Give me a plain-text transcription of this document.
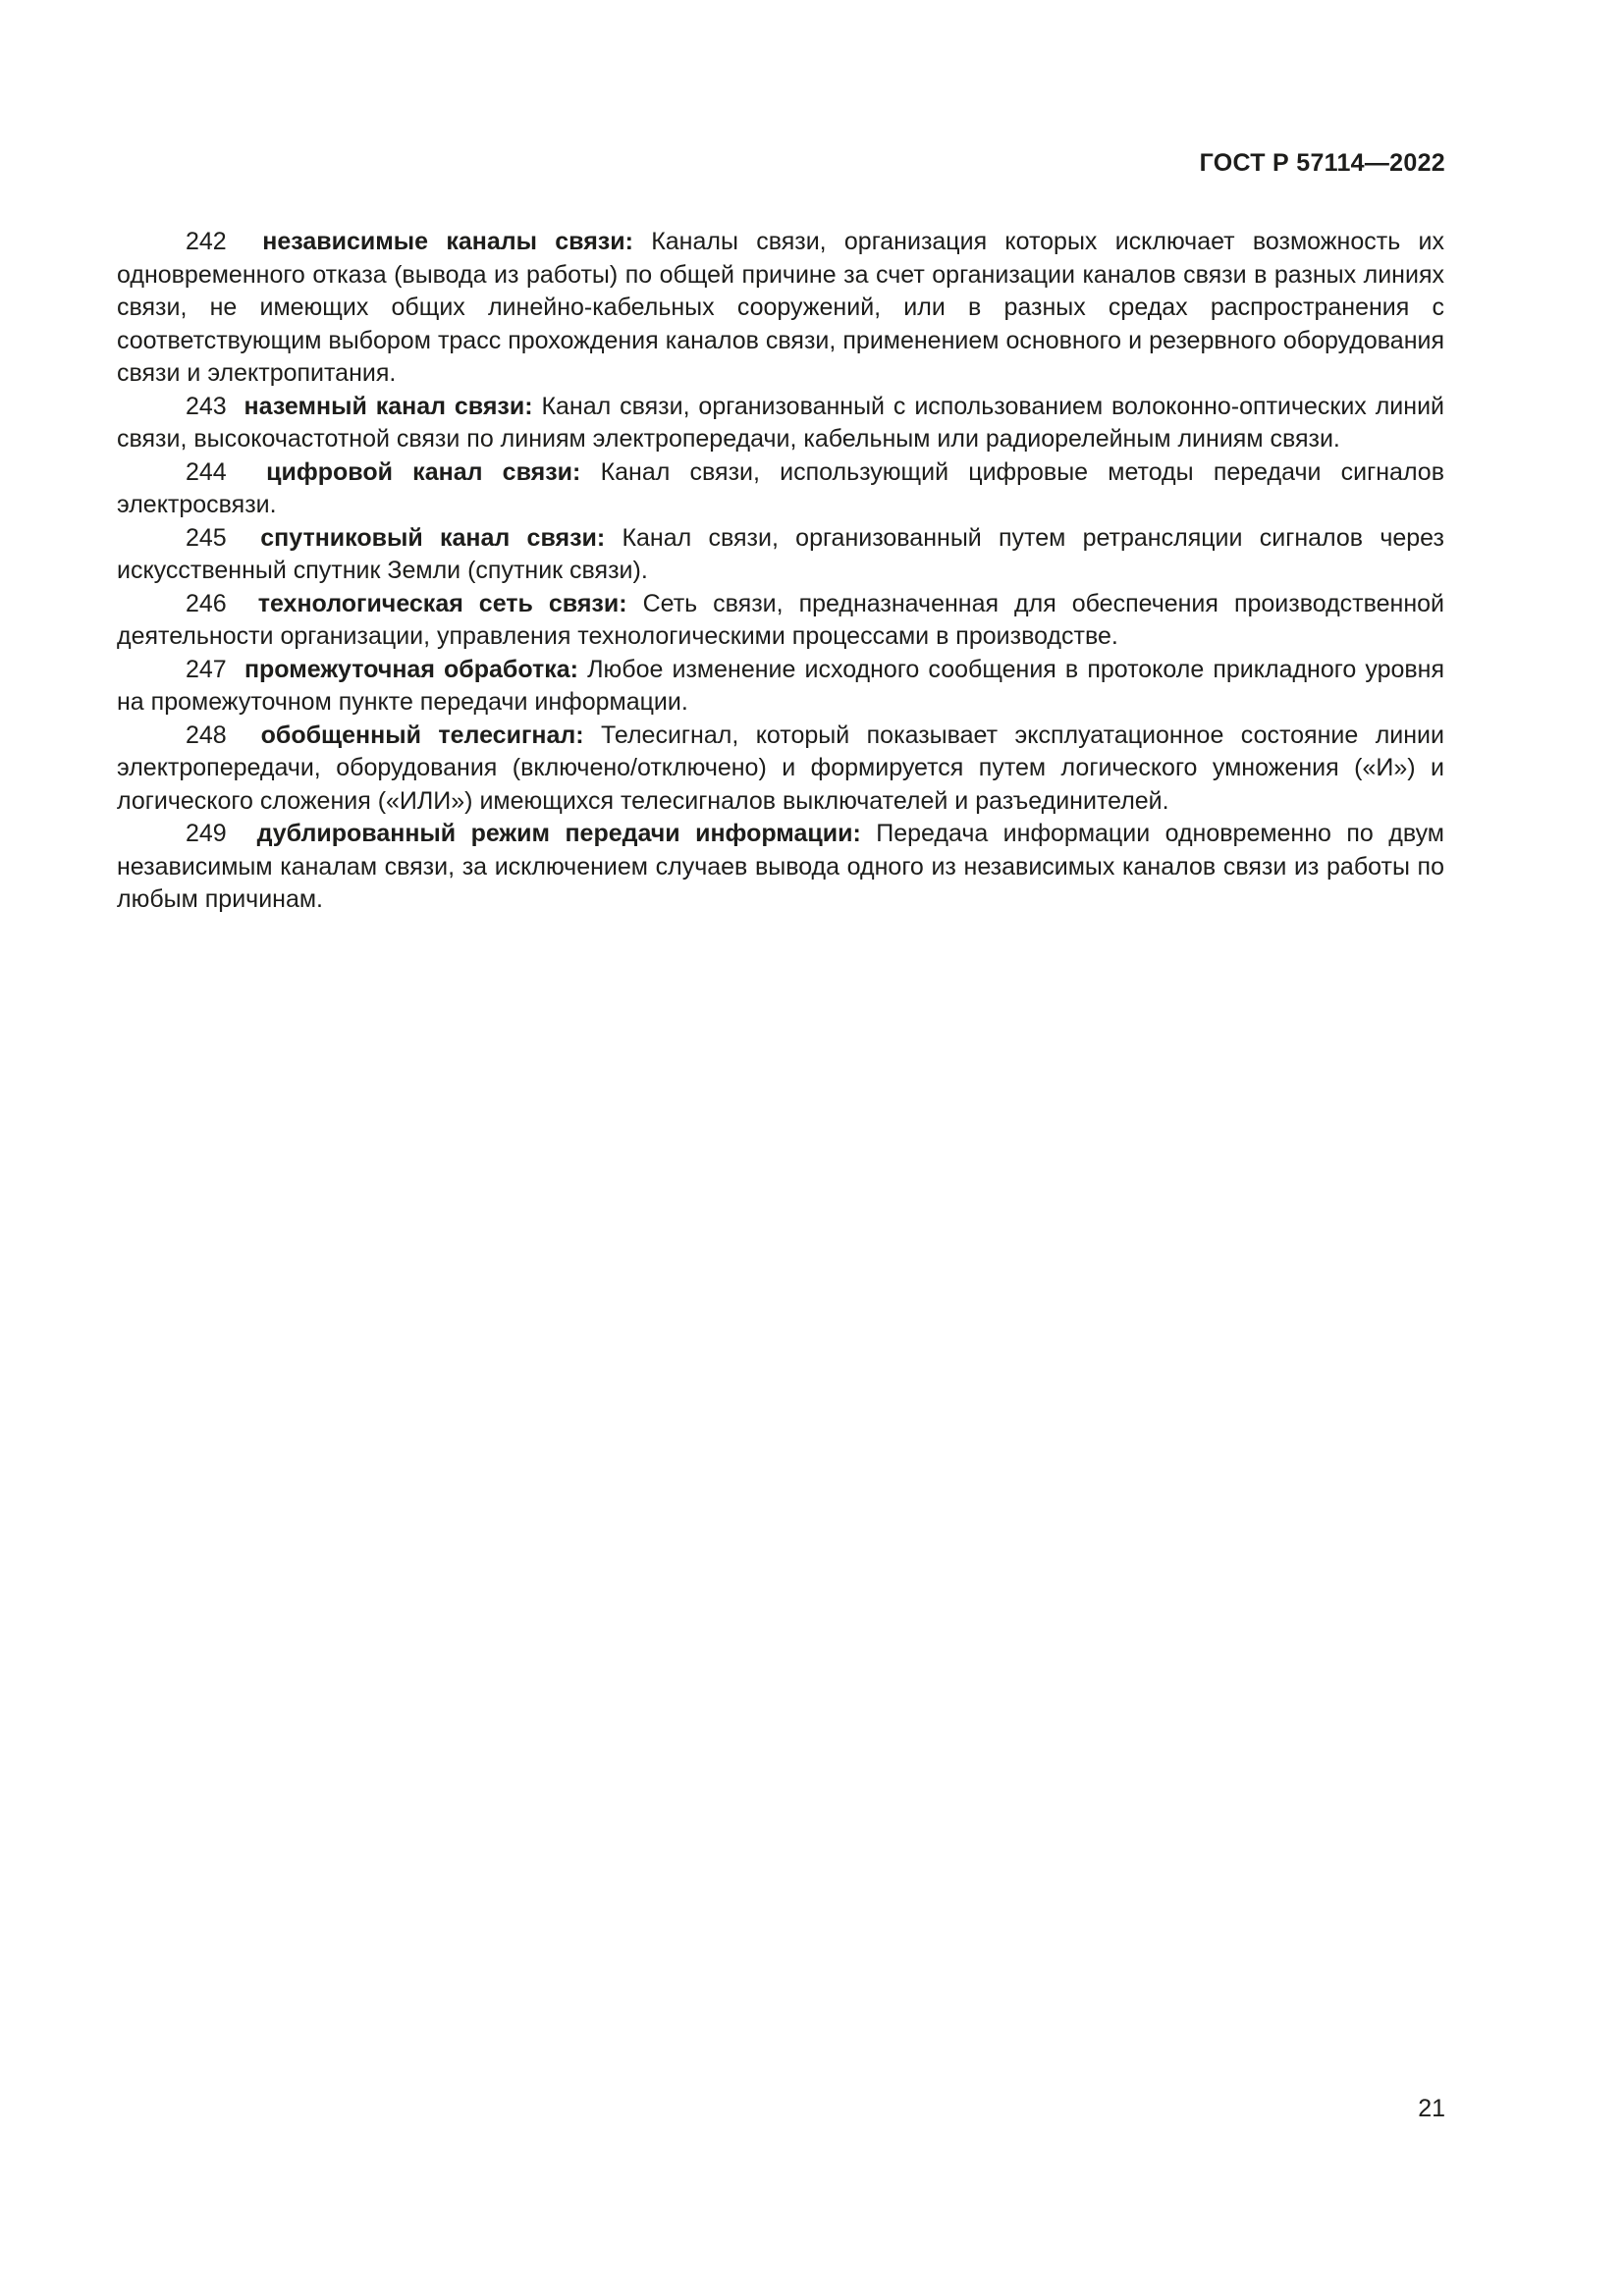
ГОСТ Р 57114—2022

242 независимые каналы связи: Каналы связи, организация которых исключает возможность их одновременного отказа (вывода из работы) по общей причине за счет организации каналов связи в разных линиях связи, не имеющих общих линейно-кабельных сооружений, или в разных средах распространения с соответствующим выбором трасс прохождения каналов связи, применением основного и резервного оборудования связи и электропитания.

243 наземный канал связи: Канал связи, организованный с использованием волоконно-оптических линий связи, высокочастотной связи по линиям электропередачи, кабельным или радиорелейным линиям связи.

244 цифровой канал связи: Канал связи, использующий цифровые методы передачи сигналов электросвязи.

245 спутниковый канал связи: Канал связи, организованный путем ретрансляции сигналов через искусственный спутник Земли (спутник связи).

246 технологическая сеть связи: Сеть связи, предназначенная для обеспечения производственной деятельности организации, управления технологическими процессами в производстве.

247 промежуточная обработка: Любое изменение исходного сообщения в протоколе прикладного уровня на промежуточном пункте передачи информации.

248 обобщенный телесигнал: Телесигнал, который показывает эксплуатационное состояние линии электропередачи, оборудования (включено/отключено) и формируется путем логического умножения («И») и логического сложения («ИЛИ») имеющихся телесигналов выключателей и разъединителей.

249 дублированный режим передачи информации: Передача информации одновременно по двум независимым каналам связи, за исключением случаев вывода одного из независимых каналов связи из работы по любым причинам.

21
